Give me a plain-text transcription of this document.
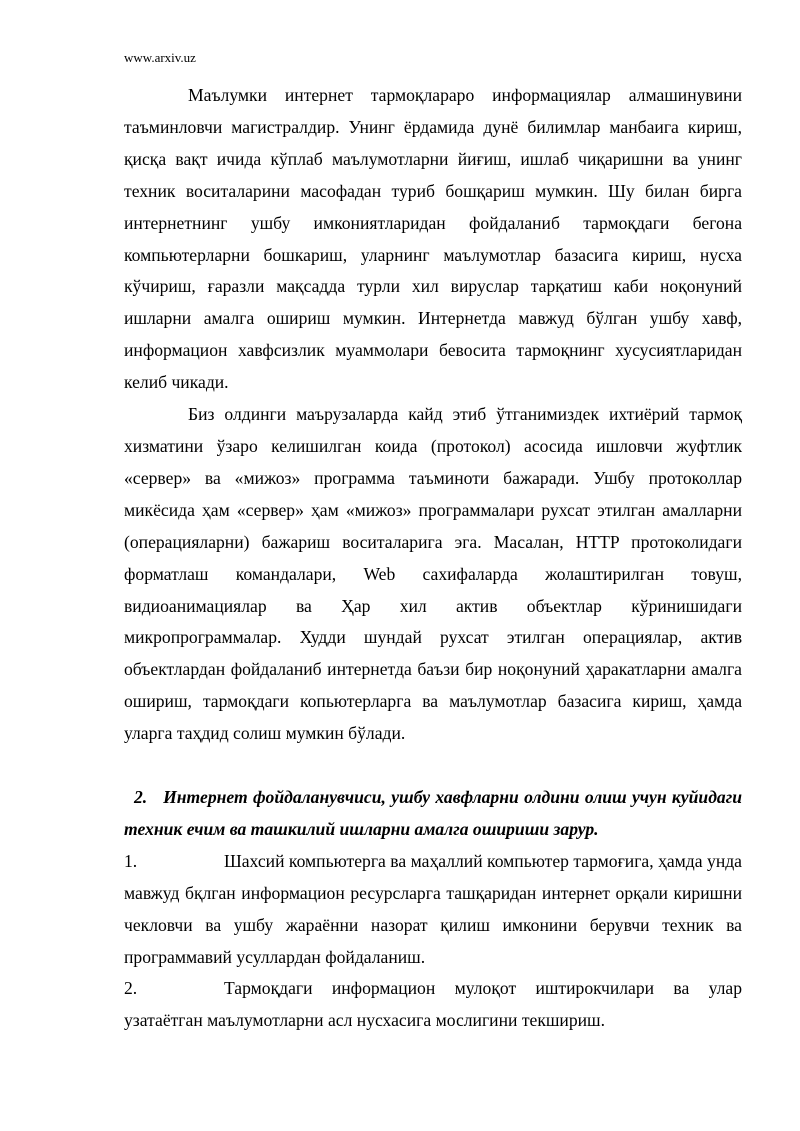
www.arxiv.uz

Маълумки интернет тармоқлараро информациялар алмашинувини таъминловчи магистралдир. Унинг ёрдамида дунё билимлар манбаига кириш, қисқа вақт ичида кўплаб маълумотларни йиғиш, ишлаб чиқаришни ва унинг техник воситаларини масофадан туриб бошқариш мумкин. Шу билан бирга интернетнинг ушбу имкониятларидан фойдаланиб тармоқдаги бегона компьютерларни бошкариш, уларнинг маълумотлар базасига кириш, нусха кўчириш, ғаразли мақсадда турли хил вируслар тарқатиш каби ноқонуний ишларни амалга ошириш мумкин. Интернетда мавжуд бўлган ушбу хавф, информацион хавфсизлик муаммолари бевосита тармоқнинг хусусиятларидан келиб чикади.

Биз олдинги маърузаларда кайд этиб ўтганимиздек ихтиёрий тармоқ хизматини ўзаро келишилган коида (протокол) асосида ишловчи жуфтлик «сервер» ва «мижоз» программа таъминоти бажаради. Ушбу протоколлар микёсида ҳам «сервер» ҳам «мижоз» программалари рухсат этилган амалларни (операцияларни) бажариш воситаларига эга. Масалан, HTTP протоколидаги форматлаш командалари, Web сахифаларда жолаштирилган товуш, видиоанимациялар ва Ҳар хил актив объектлар кўринишидаги микропрограммалар. Худди шундай рухсат этилган операциялар, актив объектлардан фойдаланиб интернетда баъзи бир ноқонуний ҳаракатларни амалга ошириш, тармоқдаги копьютерларга ва маълумотлар базасига кириш, ҳамда уларга таҳдид солиш мумкин бўлади.

2. Интернет фойдаланувчиси, ушбу хавфларни олдини олиш учун куйидаги техник ечим ва ташкилий ишларни амалга ошириши зарур.

1.	Шахсий компьютерга ва маҳаллий компьютер тармоғига, ҳамда унда мавжуд бқлган информацион ресурсларга ташқаридан интернет орқали киришни чекловчи ва ушбу жараённи назорат қилиш имконини берувчи техник ва программавий усуллардан фойдаланиш.

2.	Тармоқдаги информацион мулоқот иштирокчилари ва улар узатаётган маълумотларни асл нусхасига мослигини текшириш.
